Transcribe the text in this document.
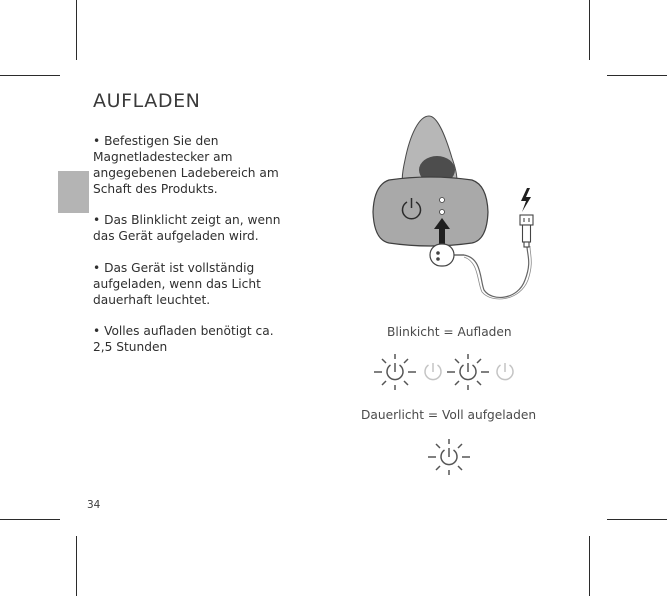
AUFLADEN

• Befestigen Sie den
Magnetladestecker am
angegebenen Ladebereich am
Schaft des Produkts.

• Das Blinklicht zeigt an, wenn
das Gerät aufgeladen wird.

• Das Gerät ist vollständig
aufgeladen, wenn das Licht
dauerhaft leuchtet.

• Volles aufladen benötigt ca.
2,5 Stunden

Blinkicht = Aufladen
Dauerlicht = Voll aufgeladen
34
